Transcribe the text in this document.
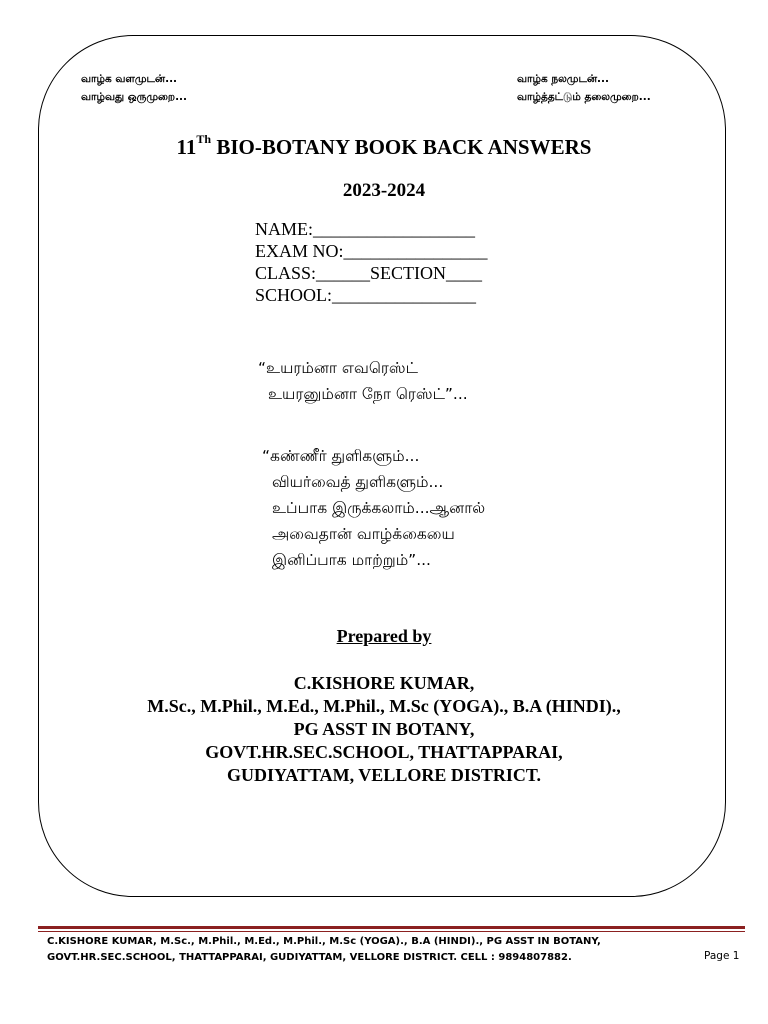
வாழ்க வளமுடன்...
வாழ்வது ஒருமுறை...
வாழ்க நலமுடன்...
வாழ்த்தட்டும் தலைமுறை...
11Th BIO-BOTANY BOOK BACK ANSWERS
2023-2024
NAME:__________________
EXAM NO:________________
CLASS:______SECTION____
SCHOOL:________________
“உயரம்னா எவரெஸ்ட்
உயரனும்னா நோ ரெஸ்ட்”...
“கண்ணீர் துளிகளும்...
வியர்வைத் துளிகளும்...
உப்பாக இருக்கலாம்...ஆனால்
அவைதான் வாழ்க்கையை
இனிப்பாக மாற்றும்”...
Prepared by
C.KISHORE KUMAR,
M.Sc., M.Phil., M.Ed., M.Phil., M.Sc (YOGA)., B.A (HINDI).,
PG ASST IN BOTANY,
GOVT.HR.SEC.SCHOOL, THATTAPPARAI,
GUDIYATTAM, VELLORE DISTRICT.
C.KISHORE KUMAR, M.Sc., M.Phil., M.Ed., M.Phil., M.Sc (YOGA)., B.A (HINDI)., PG ASST IN BOTANY,
GOVT.HR.SEC.SCHOOL, THATTAPPARAI, GUDIYATTAM, VELLORE DISTRICT. CELL : 9894807882.	Page 1
